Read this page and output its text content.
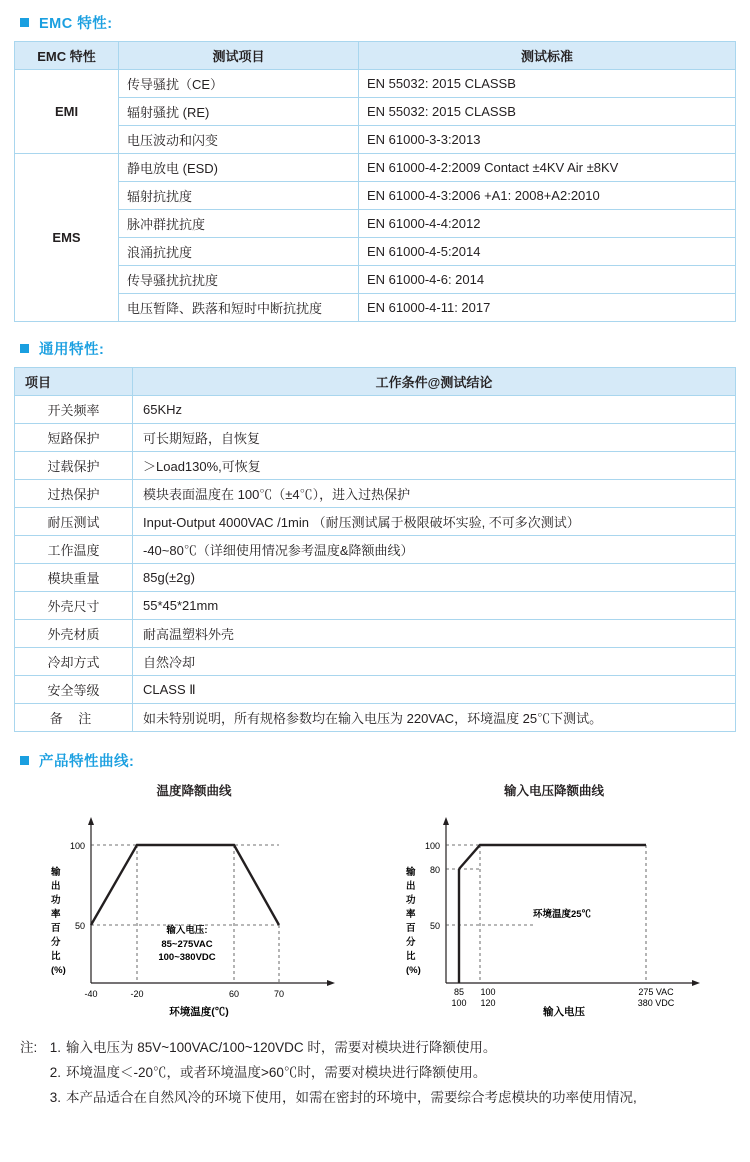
EMC 特性:
EMC 特性	测试项目	测试标准
EMI	传导骚扰（CE）	EN 55032: 2015 CLASSB
	辐射骚扰 (RE)	EN 55032: 2015 CLASSB
	电压波动和闪变	EN 61000-3-3:2013
EMS	静电放电 (ESD)	EN 61000-4-2:2009 Contact ±4KV Air ±8KV
	辐射抗扰度	EN 61000-4-3:2006 +A1: 2008+A2:2010
	脉冲群扰抗度	EN 61000-4-4:2012
	浪涌抗扰度	EN 61000-4-5:2014
	传导骚扰抗扰度	EN 61000-4-6: 2014
	电压暂降、跌落和短时中断抗扰度	EN 61000-4-11: 2017
通用特性:
项目	工作条件@测试结论
开关频率	65KHz
短路保护	可长期短路，自恢复
过载保护	＞Load130%,可恢复
过热保护	模块表面温度在 100℃（±4℃），进入过热保护
耐压测试	Input-Output 4000VAC /1min （耐压测试属于极限破坏实验, 不可多次测试）
工作温度	-40~80℃（详细使用情况参考温度&降额曲线）
模块重量	85g(±2g)
外壳尺寸	55*45*21mm
外壳材质	耐高温塑料外壳
冷却方式	自然冷却
安全等级	CLASS Ⅱ
备 注	如未特别说明，所有规格参数均在输入电压为 220VAC，环境温度 25℃下测试。
产品特性曲线:
温度降额曲线
100
50
-40	-20	60	70
环境温度(℃)
输
出
功
率
百
分
比
(%)
输入电压:
85~275VAC
100~380VDC
输入电压降额曲线
100
80
50
85
100
100
120
275 VAC
380 VDC
输入电压
输
出
功
率
百
分
比
(%)
环境温度25℃
注: 1. 输入电压为 85V~100VAC/100~120VDC 时，需要对模块进行降额使用。
2. 环境温度＜-20℃，或者环境温度>60℃时，需要对模块进行降额使用。
3. 本产品适合在自然风冷的环境下使用，如需在密封的环境中，需要综合考虑模块的功率使用情况,
